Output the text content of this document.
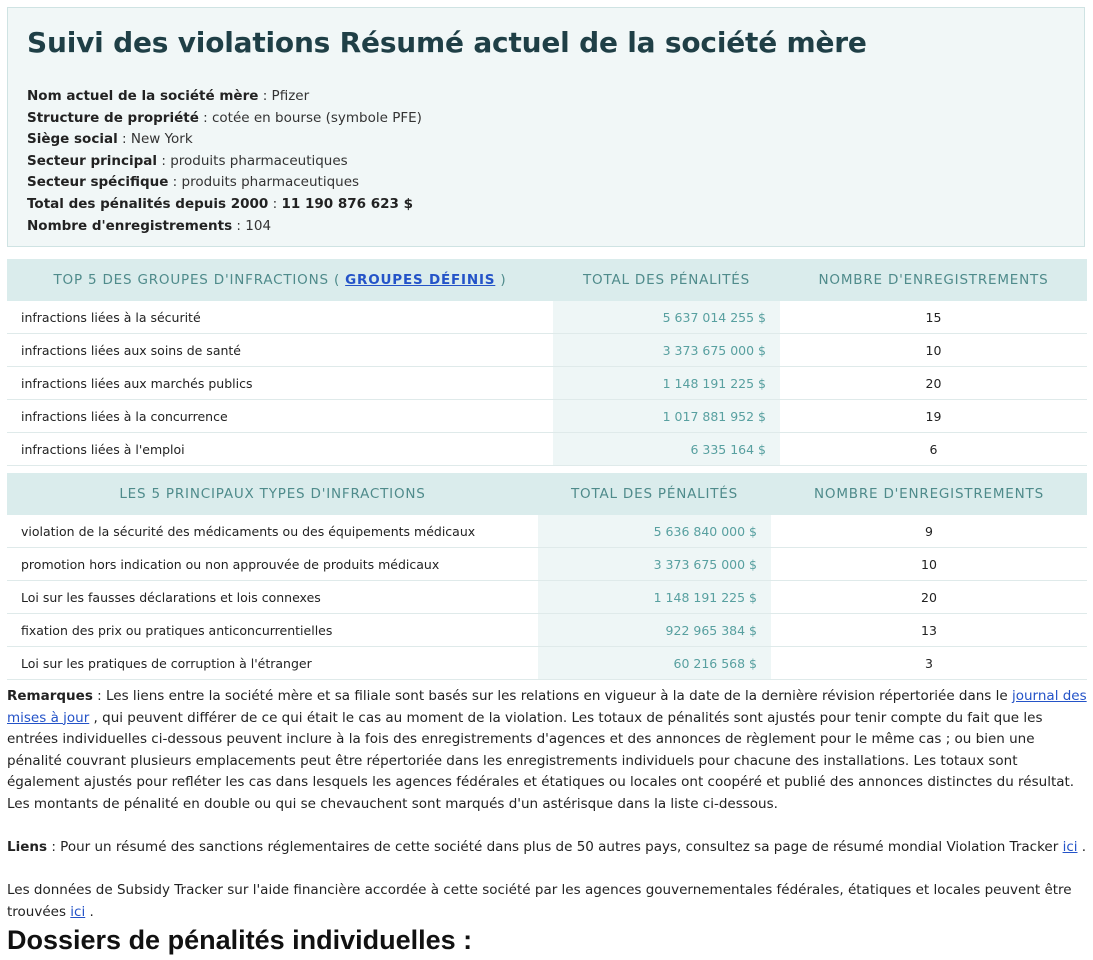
Suivi des violations Résumé actuel de la société mère
Nom actuel de la société mère : Pfizer
Structure de propriété : cotée en bourse (symbole PFE)
Siège social : New York
Secteur principal : produits pharmaceutiques
Secteur spécifique : produits pharmaceutiques
Total des pénalités depuis 2000 : 11 190 876 623 $
Nombre d'enregistrements : 104
TOP 5 DES GROUPES D'INFRACTIONS ( GROUPES DÉFINIS )	TOTAL DES PÉNALITÉS	NOMBRE D'ENREGISTREMENTS
infractions liées à la sécurité	5 637 014 255 $	15
infractions liées aux soins de santé	3 373 675 000 $	10
infractions liées aux marchés publics	1 148 191 225 $	20
infractions liées à la concurrence	1 017 881 952 $	19
infractions liées à l'emploi	6 335 164 $	6
LES 5 PRINCIPAUX TYPES D'INFRACTIONS	TOTAL DES PÉNALITÉS	NOMBRE D'ENREGISTREMENTS
violation de la sécurité des médicaments ou des équipements médicaux	5 636 840 000 $	9
promotion hors indication ou non approuvée de produits médicaux	3 373 675 000 $	10
Loi sur les fausses déclarations et lois connexes	1 148 191 225 $	20
fixation des prix ou pratiques anticoncurrentielles	922 965 384 $	13
Loi sur les pratiques de corruption à l'étranger	60 216 568 $	3
Remarques : Les liens entre la société mère et sa filiale sont basés sur les relations en vigueur à la date de la dernière révision répertoriée dans le journal des mises à jour , qui peuvent différer de ce qui était le cas au moment de la violation. Les totaux de pénalités sont ajustés pour tenir compte du fait que les entrées individuelles ci-dessous peuvent inclure à la fois des enregistrements d'agences et des annonces de règlement pour le même cas ; ou bien une pénalité couvrant plusieurs emplacements peut être répertoriée dans les enregistrements individuels pour chacune des installations. Les totaux sont également ajustés pour refléter les cas dans lesquels les agences fédérales et étatiques ou locales ont coopéré et publié des annonces distinctes du résultat. Les montants de pénalité en double ou qui se chevauchent sont marqués d'un astérisque dans la liste ci-dessous.
Liens : Pour un résumé des sanctions réglementaires de cette société dans plus de 50 autres pays, consultez sa page de résumé mondial Violation Tracker ici .
Les données de Subsidy Tracker sur l'aide financière accordée à cette société par les agences gouvernementales fédérales, étatiques et locales peuvent être trouvées ici .
Dossiers de pénalités individuelles :
